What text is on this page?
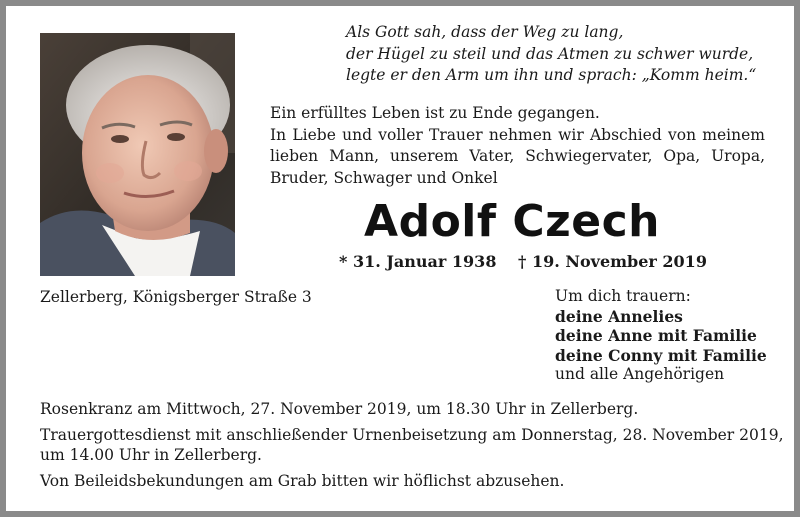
Als Gott sah, dass der Weg zu lang,
der Hügel zu steil und das Atmen zu schwer wurde,
legte er den Arm um ihn und sprach: „Komm heim.“
Ein erfülltes Leben ist zu Ende gegangen.
In Liebe und voller Trauer nehmen wir Abschied von meinem
lieben Mann, unserem Vater, Schwiegervater, Opa, Uropa,
Bruder, Schwager und Onkel
Adolf Czech
* 31. Januar 1938 † 19. November 2019
Zellerberg, Königsberger Straße 3	Um dich trauern:
deine Annelies
deine Anne mit Familie
deine Conny mit Familie
und alle Angehörigen
Rosenkranz am Mittwoch, 27. November 2019, um 18.30 Uhr in Zellerberg.
Trauergottesdienst mit anschließender Urnenbeisetzung am Donnerstag, 28. November 2019,
um 14.00 Uhr in Zellerberg.
Von Beileidsbekundungen am Grab bitten wir höflichst abzusehen.
